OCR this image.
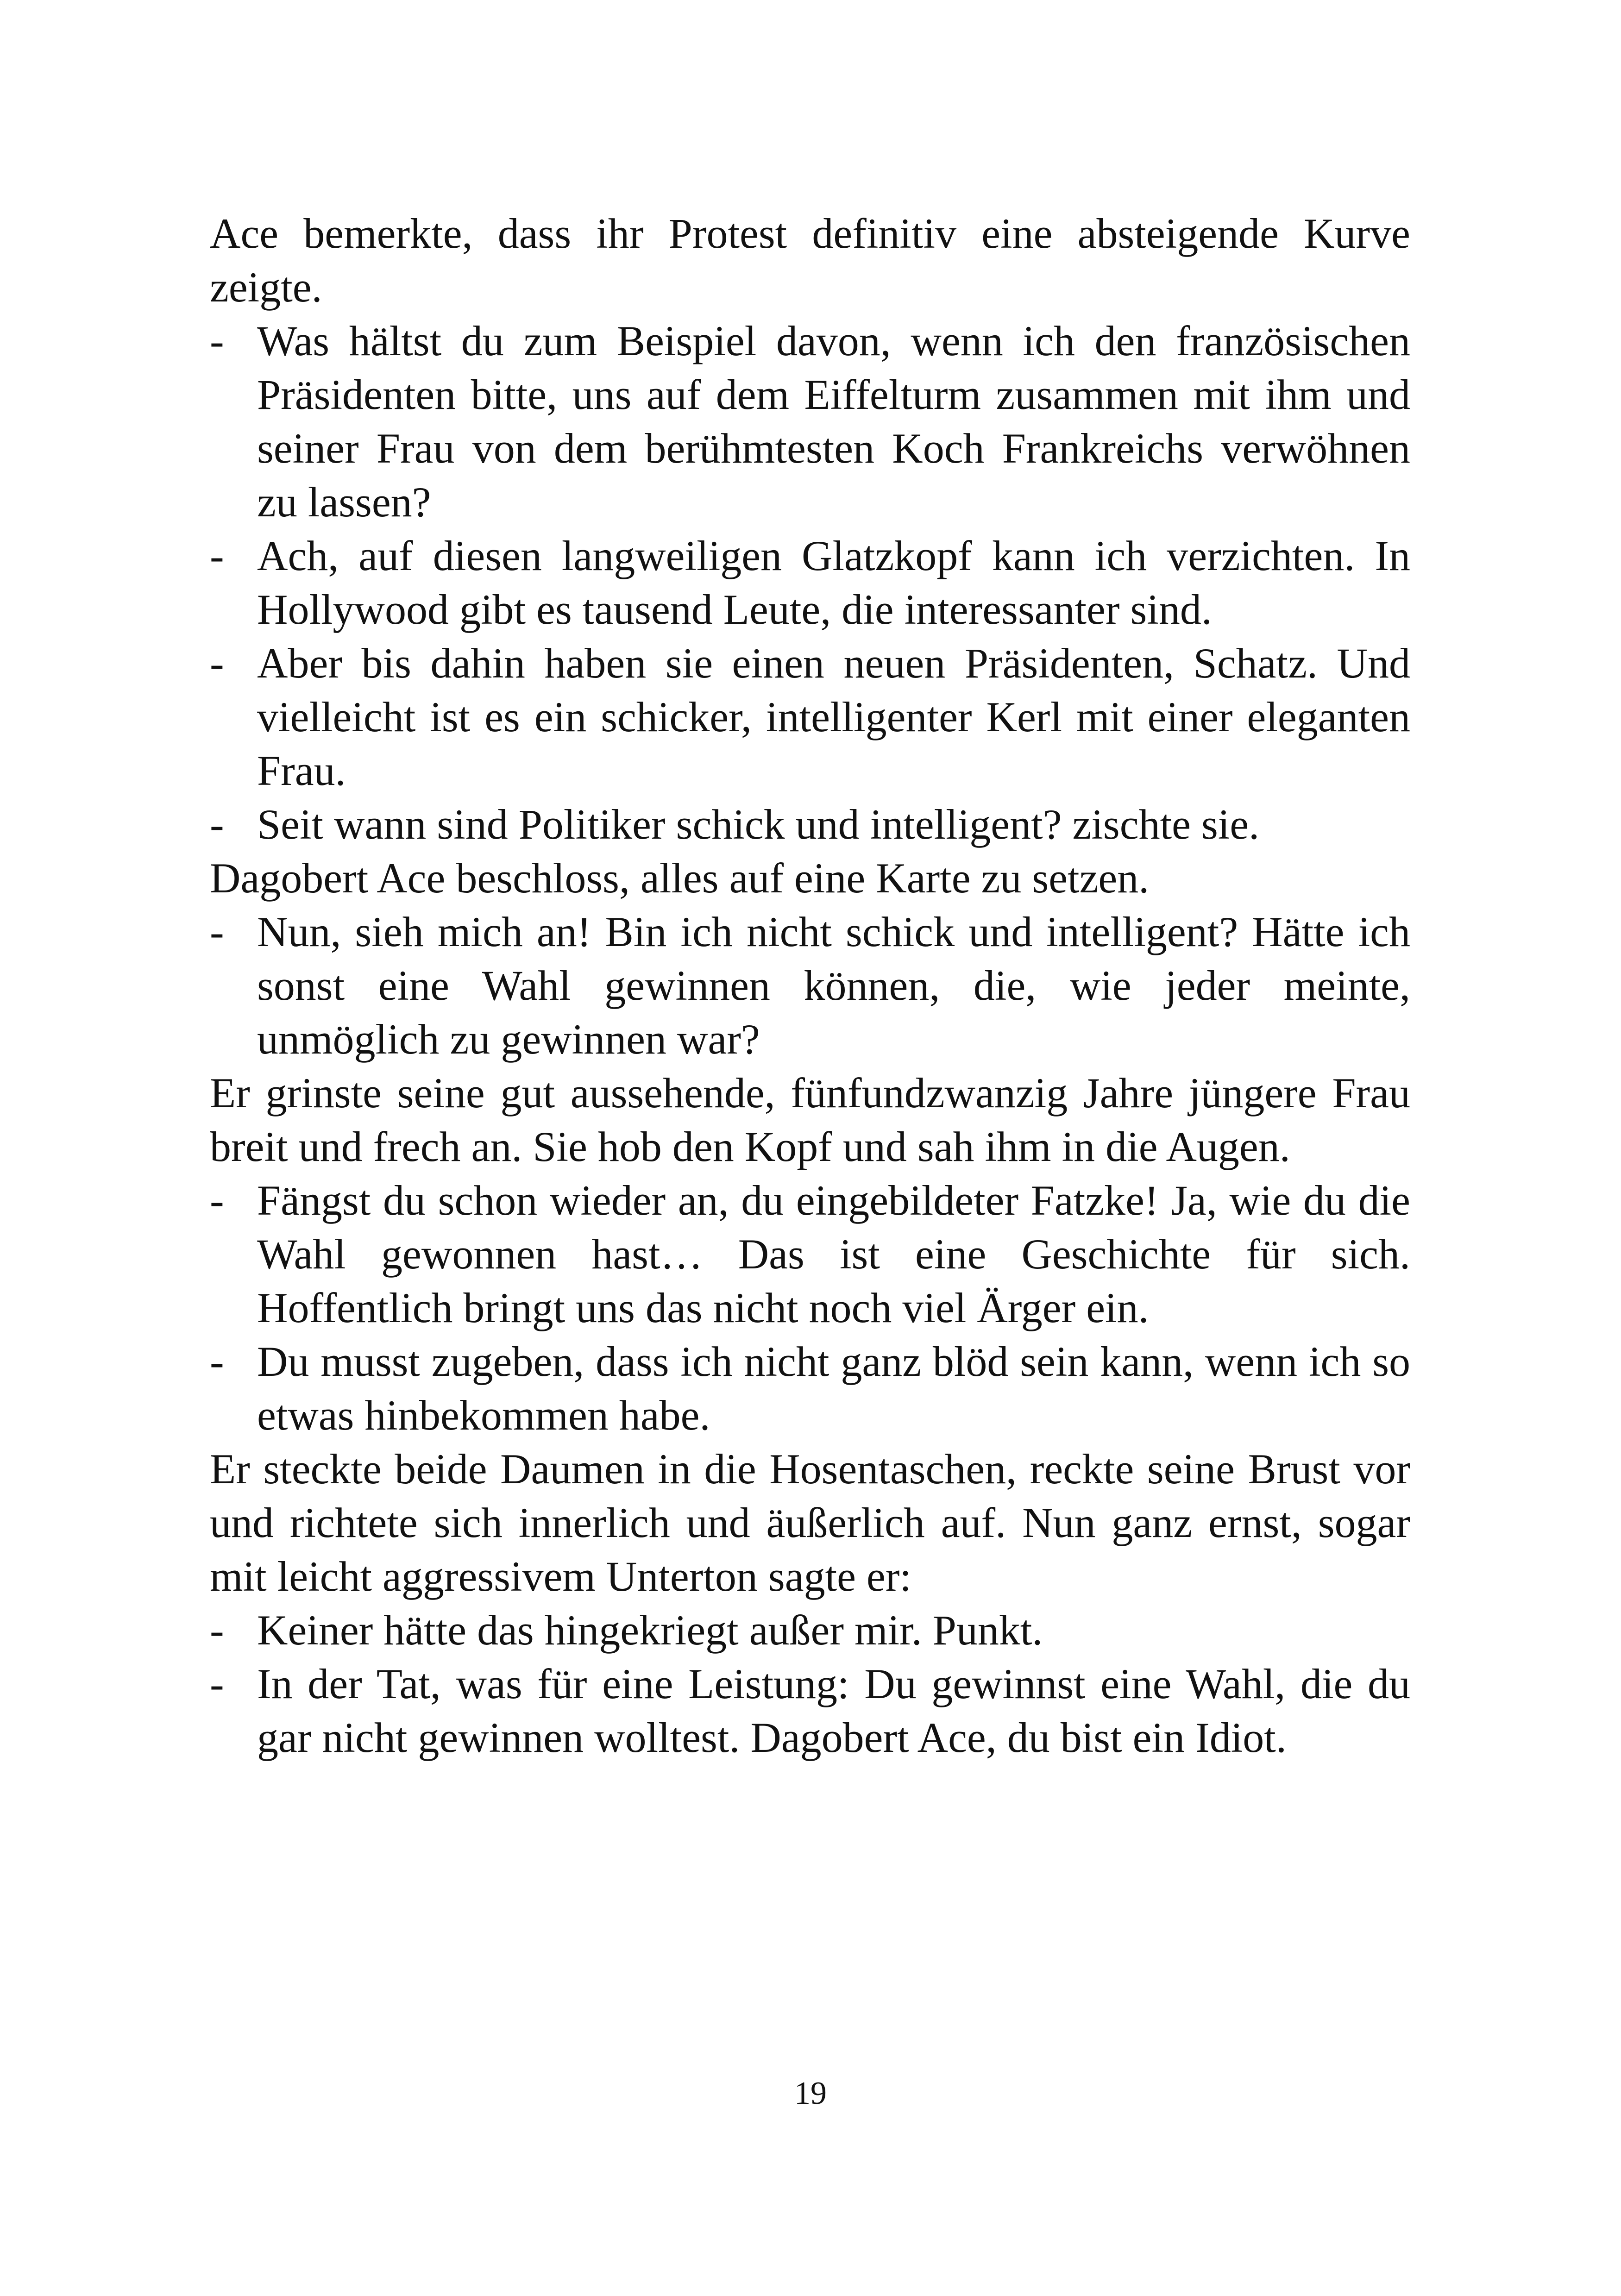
Ace bemerkte, dass ihr Protest definitiv eine absteigende Kurve zeigte.

- Was hältst du zum Beispiel davon, wenn ich den französischen Präsidenten bitte, uns auf dem Eiffelturm zusammen mit ihm und seiner Frau von dem berühmtesten Koch Frankreichs verwöhnen zu lassen?

- Ach, auf diesen langweiligen Glatzkopf kann ich verzichten. In Hollywood gibt es tausend Leute, die interessanter sind.

- Aber bis dahin haben sie einen neuen Präsidenten, Schatz. Und vielleicht ist es ein schicker, intelligenter Kerl mit einer eleganten Frau.

- Seit wann sind Politiker schick und intelligent? zischte sie.

Dagobert Ace beschloss, alles auf eine Karte zu setzen.

- Nun, sieh mich an! Bin ich nicht schick und intelligent? Hätte ich sonst eine Wahl gewinnen können, die, wie jeder meinte, unmöglich zu gewinnen war?

Er grinste seine gut aussehende, fünfundzwanzig Jahre jüngere Frau breit und frech an. Sie hob den Kopf und sah ihm in die Augen.

- Fängst du schon wieder an, du eingebildeter Fatzke! Ja, wie du die Wahl gewonnen hast… Das ist eine Geschichte für sich. Hoffentlich bringt uns das nicht noch viel Ärger ein.

- Du musst zugeben, dass ich nicht ganz blöd sein kann, wenn ich so etwas hinbekommen habe.

Er steckte beide Daumen in die Hosentaschen, reckte seine Brust vor und richtete sich innerlich und äußerlich auf. Nun ganz ernst, sogar mit leicht aggressivem Unterton sagte er:

- Keiner hätte das hingekriegt außer mir. Punkt.

- In der Tat, was für eine Leistung: Du gewinnst eine Wahl, die du gar nicht gewinnen wolltest. Dagobert Ace, du bist ein Idiot.

19
